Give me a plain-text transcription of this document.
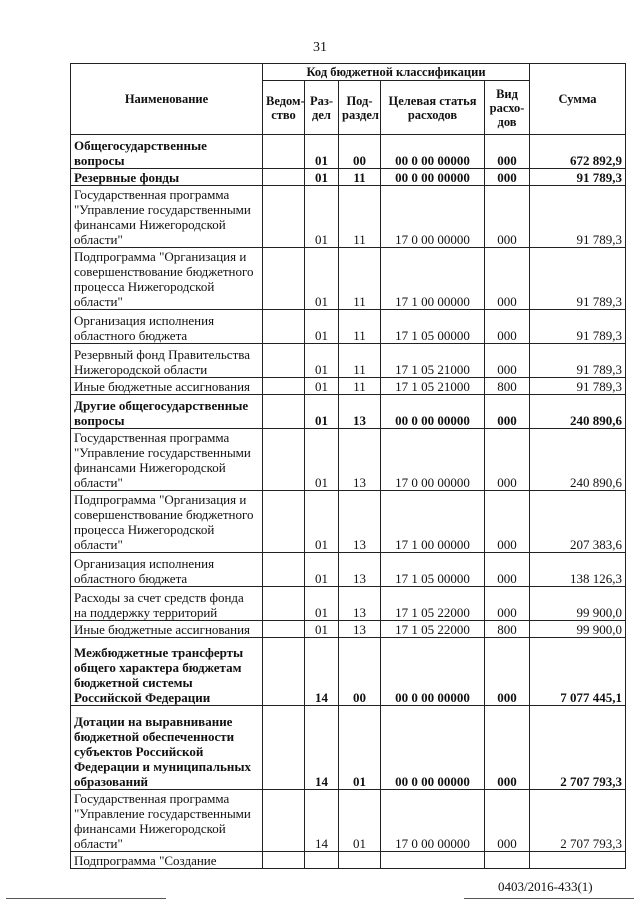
31
Наименование	Код бюджетной классификации					Сумма
	Ведом-ство	Раз-дел	Под-раздел	Целевая статья расходов	Вид расхо-дов	
Общегосударственные вопросы		01	00	00 0 00 00000	000	672 892,9
Резервные фонды		01	11	00 0 00 00000	000	91 789,3
Государственная программа "Управление государственными финансами Нижегородской области"		01	11	17 0 00 00000	000	91 789,3
Подпрограмма "Организация и совершенствование бюджетного процесса Нижегородской области"		01	11	17 1 00 00000	000	91 789,3
Организация исполнения областного бюджета		01	11	17 1 05 00000	000	91 789,3
Резервный фонд Правительства Нижегородской области		01	11	17 1 05 21000	000	91 789,3
Иные бюджетные ассигнования		01	11	17 1 05 21000	800	91 789,3
Другие общегосударственные вопросы		01	13	00 0 00 00000	000	240 890,6
Государственная программа "Управление государственными финансами Нижегородской области"		01	13	17 0 00 00000	000	240 890,6
Подпрограмма "Организация и совершенствование бюджетного процесса Нижегородской области"		01	13	17 1 00 00000	000	207 383,6
Организация исполнения областного бюджета		01	13	17 1 05 00000	000	138 126,3
Расходы за счет средств фонда на поддержку территорий		01	13	17 1 05 22000	000	99 900,0
Иные бюджетные ассигнования		01	13	17 1 05 22000	800	99 900,0
Межбюджетные трансферты общего характера бюджетам бюджетной системы Российской Федерации		14	00	00 0 00 00000	000	7 077 445,1
Дотации на выравнивание бюджетной обеспеченности субъектов Российской Федерации и муниципальных образований		14	01	00 0 00 00000	000	2 707 793,3
Государственная программа "Управление государственными финансами Нижегородской области"		14	01	17 0 00 00000	000	2 707 793,3
Подпрограмма "Создание						
0403/2016-433(1)
